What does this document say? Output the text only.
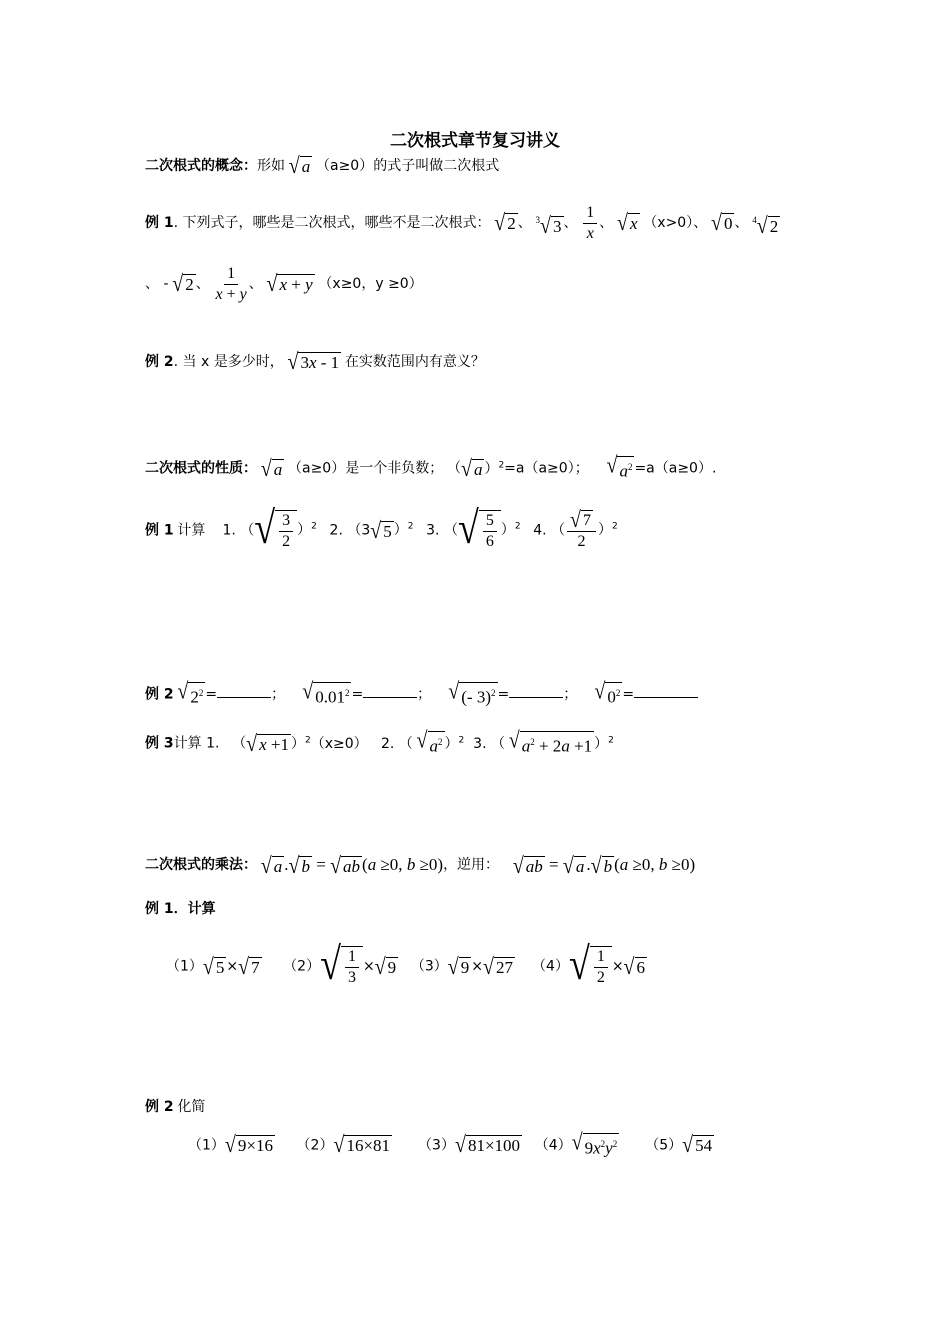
二次根式章节复习讲义
二次根式的概念：形如 √ a （a≥0）的式子叫做二次根式
例 1. 下列式子，哪些是二次根式，哪些不是二次根式： √ 2 、 $^3$ √ 3 、 $\frac{1}{x}$ 、 √ x （x>0）、 √ 0 、 $^4$ √ 2
、 - √ 2 、 $\frac{1}{x + y}$ 、 √ x + y （x≥0，y ≥0）
例 2. 当 x 是多少时， √ 3x - 1 在实数范围内有意义？
二次根式的性质： √ a （a≥0）是一个非负数； （ √ a ）$^2$=a（a≥0）； √ $a^2 =a(a\ge 0)$.
例 1 计算    1. （ √ $\frac{3}{2} )^2$   2. （3 √ 5 ）$^2$   3. （ √ $\frac{5}{6} )^2$   4. （ $\frac{√ 7}{2} )^2$
例 2 √ $2^2$ =	； √ $0.01^2$ =	； √ (- 3)$^2$ =	； √ $0^2$ =
例 3计算 1.   （ √ x +1 ）$^2$（x≥0）   2. （ √ $a^2$ ）$^2$  3. （ √ $a^2 + 2a +1$ ）$^2$
二次根式的乘法： √ a . √ b = √ ab (a ≥0, b ≥0)，逆用： √ ab = √ a . √ b (a ≥0, b ≥0)
例 1．计算
（1） √ 5 × √ 7 （2） √ $\frac{1}{3}$ × √ 9 （3） √ 9 × √ 27 （4） √ $\frac{1}{2}$ × √ 6
例 2 化简
（1） √ 9×16 （2） √ 16×81 （3） √ 81×100 （4） √ $9x^2y^2$ （5） √ 54
